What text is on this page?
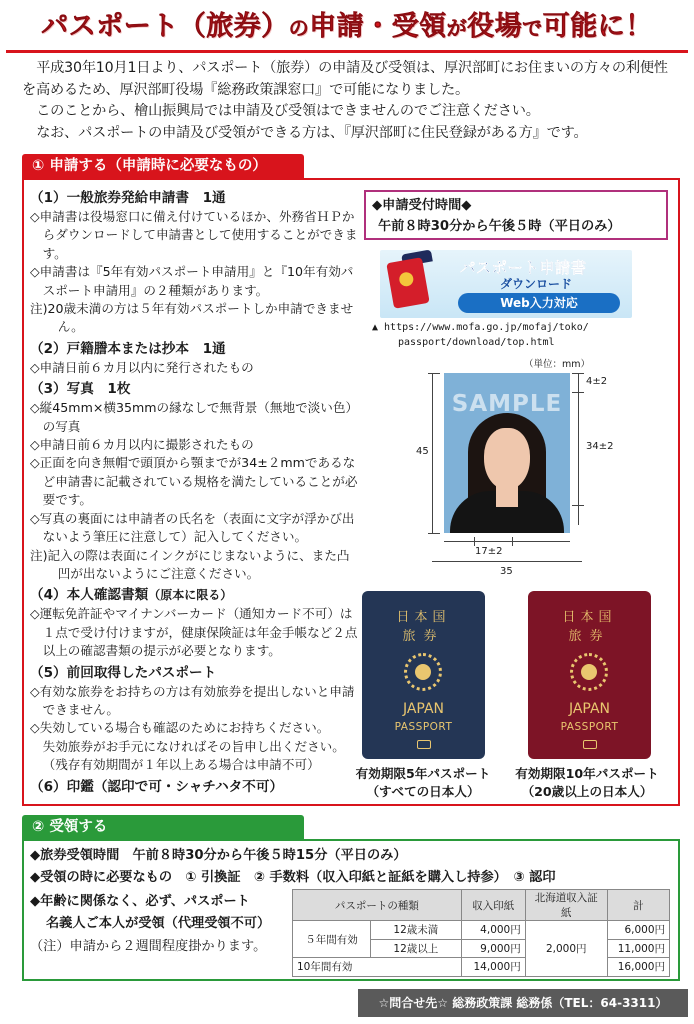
パスポート（旅券）の申請・受領が役場で可能に！

平成30年10月1日より、パスポート（旅券）の申請及び受領は、厚沢部町にお住まいの方々の利便性を高めるため、厚沢部町役場『総務政策課窓口』で可能になりました。

このことから、檜山振興局では申請及び受領はできませんのでご注意ください。

なお、パスポートの申請及び受領ができる方は、『厚沢部町に住民登録がある方』です。

① 申請する（申請時に必要なもの）
（1）一般旅券発給申請書　1通
◇申請書は役場窓口に備え付けているほか、外務省ＨＰからダウンロードして申請書として使用することができます。
◇申請書は『5年有効パスポート申請用』と『10年有効パスポート申請用』の２種類があります。
注)20歳未満の方は５年有効パスポートしか申請できません。
（2）戸籍謄本または抄本　1通
◇申請日前６カ月以内に発行されたもの
（3）写真　1枚
◇縦45mm×横35mmの縁なしで無背景（無地で淡い色）の写真
◇申請日前６カ月以内に撮影されたもの
◇正面を向き無帽で頭頂から顎までが34±２mmであるなど申請書に記載されている規格を満たしていることが必要です。
◇写真の裏面には申請者の氏名を（表面に文字が浮かび出ないよう筆圧に注意して）記入してください。
注)記入の際は表面にインクがにじまないように、また凸凹が出ないようにご注意ください。
（4）本人確認書類（原本に限る）
◇運転免許証やマイナンバーカード（通知カード不可）は１点で受け付けますが，健康保険証は年金手帳など２点以上の確認書類の提示が必要となります。
（5）前回取得したパスポート
◇有効な旅券をお持ちの方は有効旅券を提出しないと申請できません。
◇失効している場合も確認のためにお持ちください。
失効旅券がお手元になければその旨申し出ください。
（残存有効期間が１年以上ある場合は申請不可）
（6）印鑑（認印で可・シャチハタ不可）
◆申請受付時間◆
午前８時30分から午後５時（平日のみ）
パスポート申請書
ダウンロード
Web入力対応
▲ https://www.mofa.go.jp/mofaj/toko/
passport/download/top.html
（単位：mm）
SAMPLE
45
4±2
34±2
17±2
35
日本国
旅券
JAPAN
PASSPORT
日本国
旅券
JAPAN
PASSPORT
有効期限5年パスポート
（すべての日本人）
有効期限10年パスポート
（20歳以上の日本人）
② 受領する
◆旅券受領時間　午前８時30分から午後５時15分（平日のみ）
◆受領の時に必要なもの　① 引換証　② 手数料（収入印紙と証紙を購入し持参）　③ 認印
◆年齢に関係なく、必ず、パスポート
名義人ご本人が受領（代理受領不可）
（注）申請から２週間程度掛かります。
パスポートの種類		収入印紙	北海道収入証紙	計
５年間有効	12歳未満	4,000円	2,000円	6,000円
	12歳以上	9,000円		11,000円
10年間有効		14,000円		16,000円
☆問合せ先☆ 総務政策課 総務係（TEL：64-3311）
